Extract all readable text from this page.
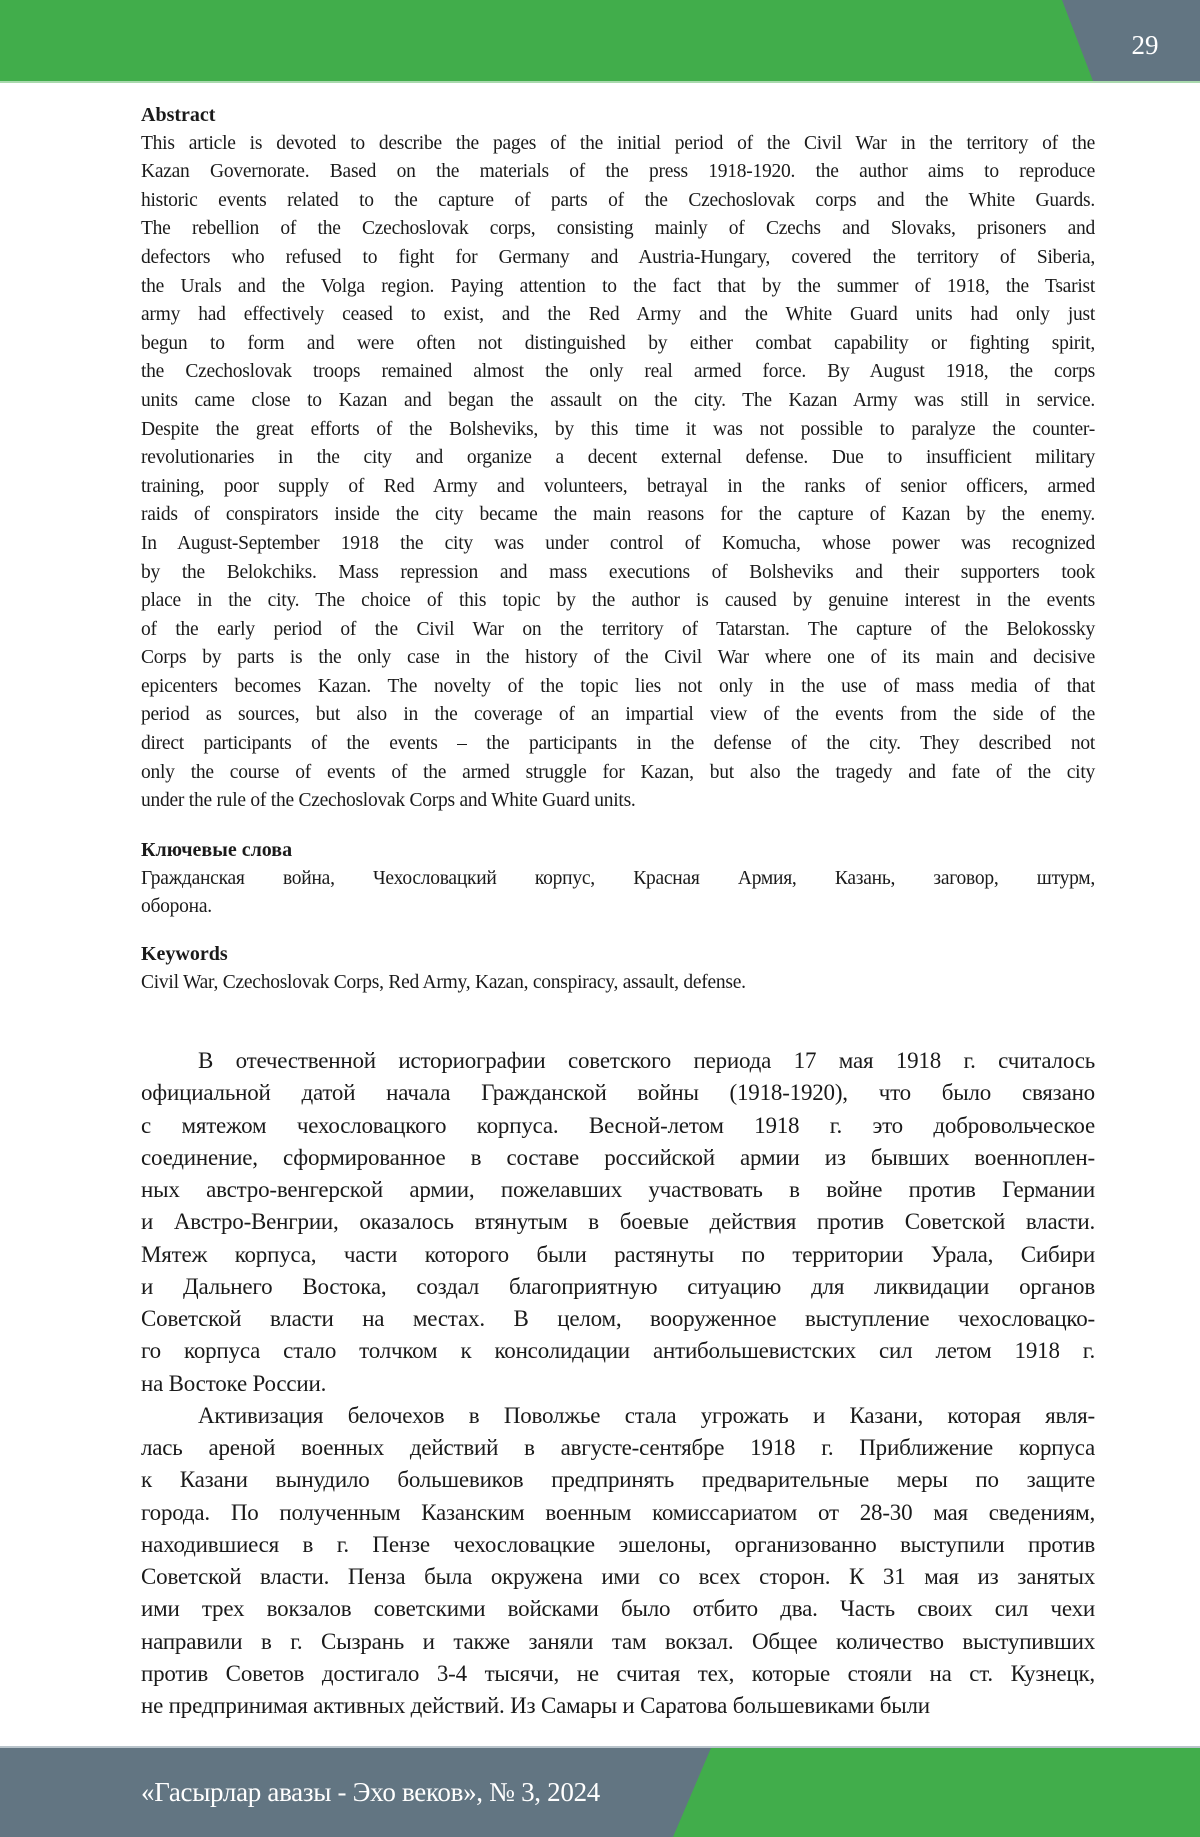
29
Abstract
This article is devoted to describe the pages of the initial period of the Civil War in the territory of the
Kazan Governorate. Based on the materials of the press 1918-1920. the author aims to reproduce
historic events related to the capture of parts of the Czechoslovak corps and the White Guards.
The rebellion of the Czechoslovak corps, consisting mainly of Czechs and Slovaks, prisoners and
defectors who refused to fight for Germany and Austria-Hungary, covered the territory of Siberia,
the Urals and the Volga region. Paying attention to the fact that by the summer of 1918, the Tsarist
army had effectively ceased to exist, and the Red Army and the White Guard units had only just
begun to form and were often not distinguished by either combat capability or fighting spirit,
the Czechoslovak troops remained almost the only real armed force. By August 1918, the corps
units came close to Kazan and began the assault on the city. The Kazan Army was still in service.
Despite the great efforts of the Bolsheviks, by this time it was not possible to paralyze the counter-
revolutionaries in the city and organize a decent external defense. Due to insufficient military
training, poor supply of Red Army and volunteers, betrayal in the ranks of senior officers, armed
raids of conspirators inside the city became the main reasons for the capture of Kazan by the enemy.
In August-September 1918 the city was under control of Komucha, whose power was recognized
by the Belokchiks. Mass repression and mass executions of Bolsheviks and their supporters took
place in the city. The choice of this topic by the author is caused by genuine interest in the events
of the early period of the Civil War on the territory of Tatarstan. The capture of the Belokossky
Corps by parts is the only case in the history of the Civil War where one of its main and decisive
epicenters becomes Kazan. The novelty of the topic lies not only in the use of mass media of that
period as sources, but also in the coverage of an impartial view of the events from the side of the
direct participants of the events – the participants in the defense of the city. They described not
only the course of events of the armed struggle for Kazan, but also the tragedy and fate of the city
under the rule of the Czechoslovak Corps and White Guard units.
Ключевые слова
Гражданская война, Чехословацкий корпус, Красная Армия, Казань, заговор, штурм,
оборона.
Keywords
Civil War, Czechoslovak Corps, Red Army, Kazan, conspiracy, assault, defense.
В отечественной историографии советского периода 17 мая 1918 г. считалось
официальной датой начала Гражданской войны (1918-1920), что было связано
с мятежом чехословацкого корпуса. Весной-летом 1918 г. это добровольческое
соединение, сформированное в составе российской армии из бывших военноплен-
ных австро-венгерской армии, пожелавших участвовать в войне против Германии
и Австро-Венгрии, оказалось втянутым в боевые действия против Советской власти.
Мятеж корпуса, части которого были растянуты по территории Урала, Сибири
и Дальнего Востока, создал благоприятную ситуацию для ликвидации органов
Советской власти на местах. В целом, вооруженное выступление чехословацко-
го корпуса стало толчком к консолидации антибольшевистских сил летом 1918 г.
на Востоке России.
Активизация белочехов в Поволжье стала угрожать и Казани, которая явля-
лась ареной военных действий в августе-сентябре 1918 г. Приближение корпуса
к Казани вынудило большевиков предпринять предварительные меры по защите
города. По полученным Казанским военным комиссариатом от 28-30 мая сведениям,
находившиеся в г. Пензе чехословацкие эшелоны, организованно выступили против
Советской власти. Пенза была окружена ими со всех сторон. К 31 мая из занятых
ими трех вокзалов советскими войсками было отбито два. Часть своих сил чехи
направили в г. Сызрань и также заняли там вокзал. Общее количество выступивших
против Советов достигало 3-4 тысячи, не считая тех, которые стояли на ст. Кузнецк,
не предпринимая активных действий. Из Самары и Саратова большевиками были
«Гасырлар авазы - Эхо веков», № 3, 2024
